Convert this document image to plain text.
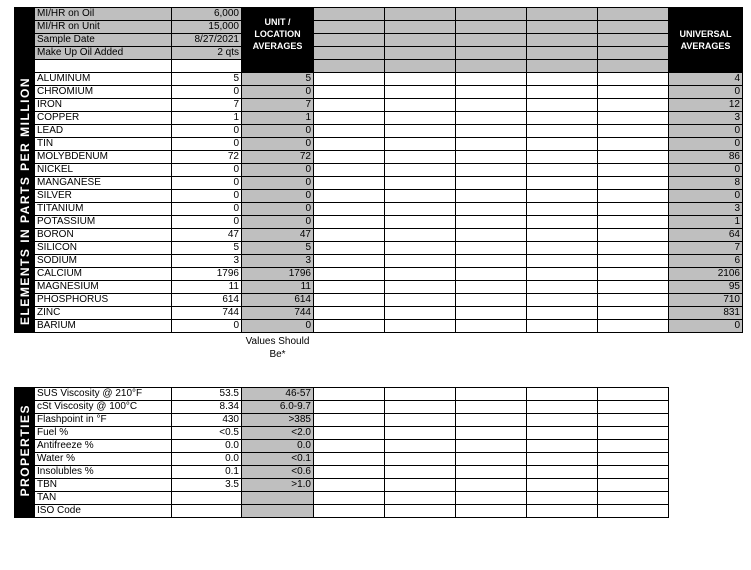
	MI/HR on Oil	6,000	UNIT / LOCATION AVERAGES						UNIVERSAL AVERAGES

	MI/HR on Unit	15,000							
	Sample Date	8/27/2021							
	Make Up Oil Added	2 qts							

ELEMENTS IN PARTS PER MILLION	ALUMINUM	5	5						4
	CHROMIUM	0	0						0
	IRON	7	7						12
	COPPER	1	1						3
	LEAD	0	0						0
	TIN	0	0						0
	MOLYBDENUM	72	72						86
	NICKEL	0	0						0
	MANGANESE	0	0						8
	SILVER	0	0						0
	TITANIUM	0	0						3
	POTASSIUM	0	0						1
	BORON	47	47						64
	SILICON	5	5						7
	SODIUM	3	3						6
	CALCIUM	1796	1796						2106
	MAGNESIUM	11	11						95
	PHOSPHORUS	614	614						710
	ZINC	744	744						831
	BARIUM	0	0						0
			Values Should Be*						
PROPERTIES	SUS Viscosity @ 210°F	53.5	46-57					
	cSt Viscosity @ 100°C	8.34	6.0-9.7					
	Flashpoint in °F	430	>385					
	Fuel %	<0.5	<2.0					
	Antifreeze %	0.0	0.0					
	Water %	0.0	<0.1					
	Insolubles %	0.1	<0.6					
	TBN	3.5	>1.0					
	TAN							
	ISO Code							
